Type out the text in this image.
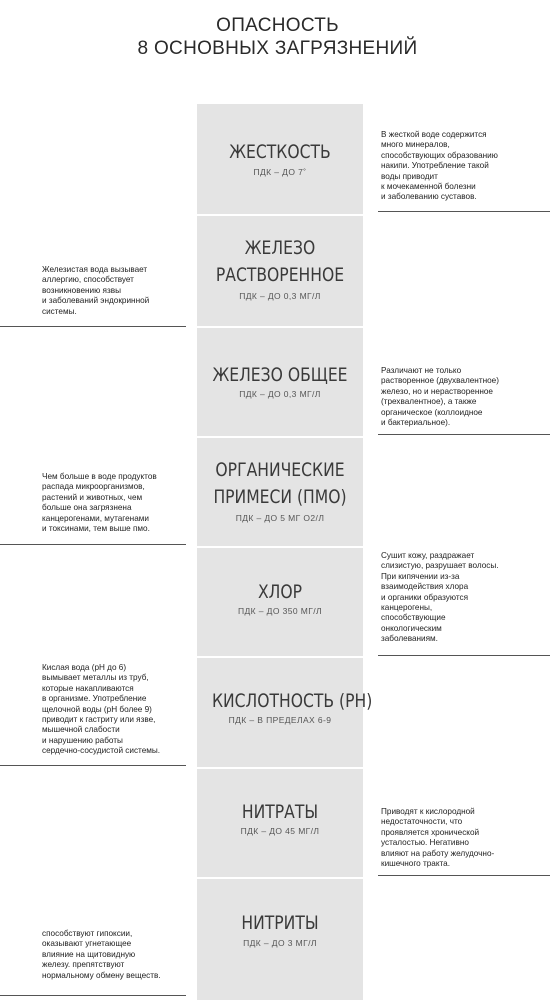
ОПАСНОСТЬ
8 ОСНОВНЫХ ЗАГРЯЗНЕНИЙ
ЖЕСТКОСТЬ
ПДК – ДО 7˚
В жесткой воде содержится
много минералов,
способствующих образованию
накипи. Употребление такой
воды приводит
к мочекаменной болезни
и заболеванию суставов.
ЖЕЛЕЗО
РАСТВОРЕННОЕ
ПДК – ДО 0,3 МГ/Л
Железистая вода вызывает
аллергию, способствует
возникновению язвы
и заболеваний эндокринной
системы.
ЖЕЛЕЗО ОБЩЕЕ
ПДК – ДО 0,3 МГ/Л
Различают не только
растворенное (двухвалентное)
железо, но и нерастворенное
(трехвалентное), а также
органическое (коллоидное
и бактериальное).
ОРГАНИЧЕСКИЕ
ПРИМЕСИ (ПМО)
ПДК – ДО 5 МГ О2/Л
Чем больше в воде продуктов
распада микроорганизмов,
растений и животных, чем
больше она загрязнена
канцерогенами, мутагенами
и токсинами, тем выше пмо.
ХЛОР
ПДК – ДО 350 МГ/Л
Сушит кожу, раздражает
слизистую, разрушает волосы.
При кипячении из-за
взаимодействия хлора
и органики образуются
канцерогены,
способствующие
онкологическим
заболеваниям.
КИСЛОТНОСТЬ (PH)
ПДК – В ПРЕДЕЛАХ 6-9
Кислая вода (pH до 6)
вымывает металлы из труб,
которые накапливаются
в организме. Употребление
щелочной воды (pH более 9)
приводит к гастриту или язве,
мышечной слабости
и нарушению работы
сердечно-сосудистой системы.
НИТРАТЫ
ПДК – ДО 45 МГ/Л
Приводят к кислородной
недостаточности, что
проявляется хронической
усталостью. Негативно
влияют на работу желудочно-
кишечного тракта.
НИТРИТЫ
ПДК – ДО 3 МГ/Л
способствуют гипоксии,
оказывают угнетающее
влияние на щитовидную
железу. препятствуют
нормальному обмену веществ.
